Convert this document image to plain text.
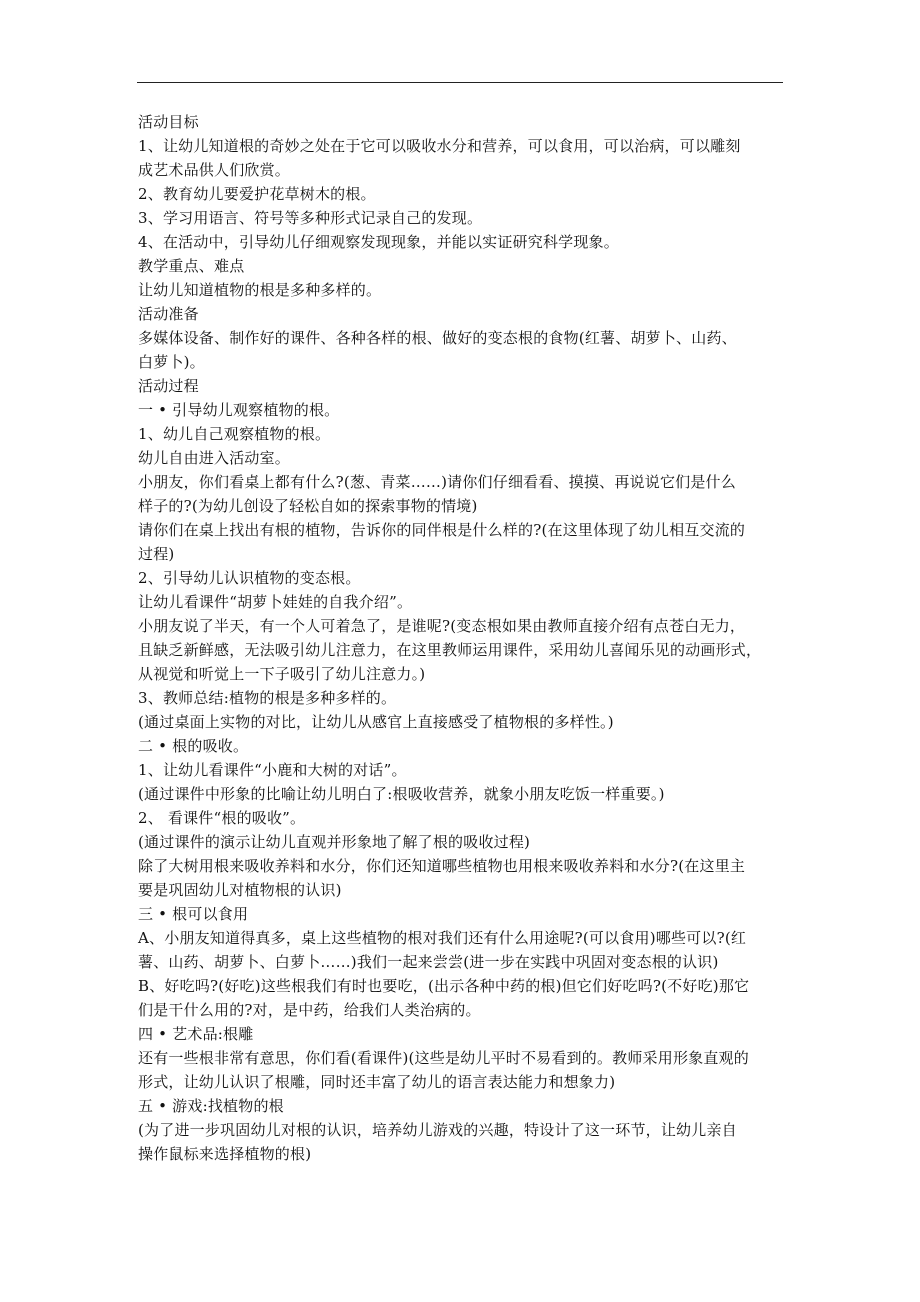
活动目标
1、让幼儿知道根的奇妙之处在于它可以吸收水分和营养，可以食用，可以治病，可以雕刻
成艺术品供人们欣赏。
2、教育幼儿要爱护花草树木的根。
3、学习用语言、符号等多种形式记录自己的发现。
4、在活动中，引导幼儿仔细观察发现现象，并能以实证研究科学现象。
教学重点、难点
让幼儿知道植物的根是多种多样的。
活动准备
多媒体设备、制作好的课件、各种各样的根、做好的变态根的食物(红薯、胡萝卜、山药、
白萝卜)。
活动过程
一 • 引导幼儿观察植物的根。
1、幼儿自己观察植物的根。
幼儿自由进入活动室。
小朋友，你们看桌上都有什么?(葱、青菜……)请你们仔细看看、摸摸、再说说它们是什么
样子的?(为幼儿创设了轻松自如的探索事物的情境)
请你们在桌上找出有根的植物，告诉你的同伴根是什么样的?(在这里体现了幼儿相互交流的
过程)
2、引导幼儿认识植物的变态根。
让幼儿看课件“胡萝卜娃娃的自我介绍”。
小朋友说了半天，有一个人可着急了，是谁呢?(变态根如果由教师直接介绍有点苍白无力，
且缺乏新鲜感，无法吸引幼儿注意力，在这里教师运用课件，采用幼儿喜闻乐见的动画形式，
从视觉和听觉上一下子吸引了幼儿注意力。)
3、教师总结:植物的根是多种多样的。
(通过桌面上实物的对比，让幼儿从感官上直接感受了植物根的多样性。)
二 • 根的吸收。
1、让幼儿看课件“小鹿和大树的对话”。
(通过课件中形象的比喻让幼儿明白了:根吸收营养，就象小朋友吃饭一样重要。)
2、 看课件“根的吸收”。
(通过课件的演示让幼儿直观并形象地了解了根的吸收过程)
除了大树用根来吸收养料和水分，你们还知道哪些植物也用根来吸收养料和水分?(在这里主
要是巩固幼儿对植物根的认识)
三 • 根可以食用
A、小朋友知道得真多，桌上这些植物的根对我们还有什么用途呢?(可以食用)哪些可以?(红
薯、山药、胡萝卜、白萝卜……)我们一起来尝尝(进一步在实践中巩固对变态根的认识)
B、好吃吗?(好吃)这些根我们有时也要吃，(出示各种中药的根)但它们好吃吗?(不好吃)那它
们是干什么用的?对，是中药，给我们人类治病的。
四 • 艺术品:根雕
还有一些根非常有意思，你们看(看课件)(这些是幼儿平时不易看到的。教师采用形象直观的
形式，让幼儿认识了根雕，同时还丰富了幼儿的语言表达能力和想象力)
五 • 游戏:找植物的根
(为了进一步巩固幼儿对根的认识，培养幼儿游戏的兴趣，特设计了这一环节，让幼儿亲自
操作鼠标来选择植物的根)
